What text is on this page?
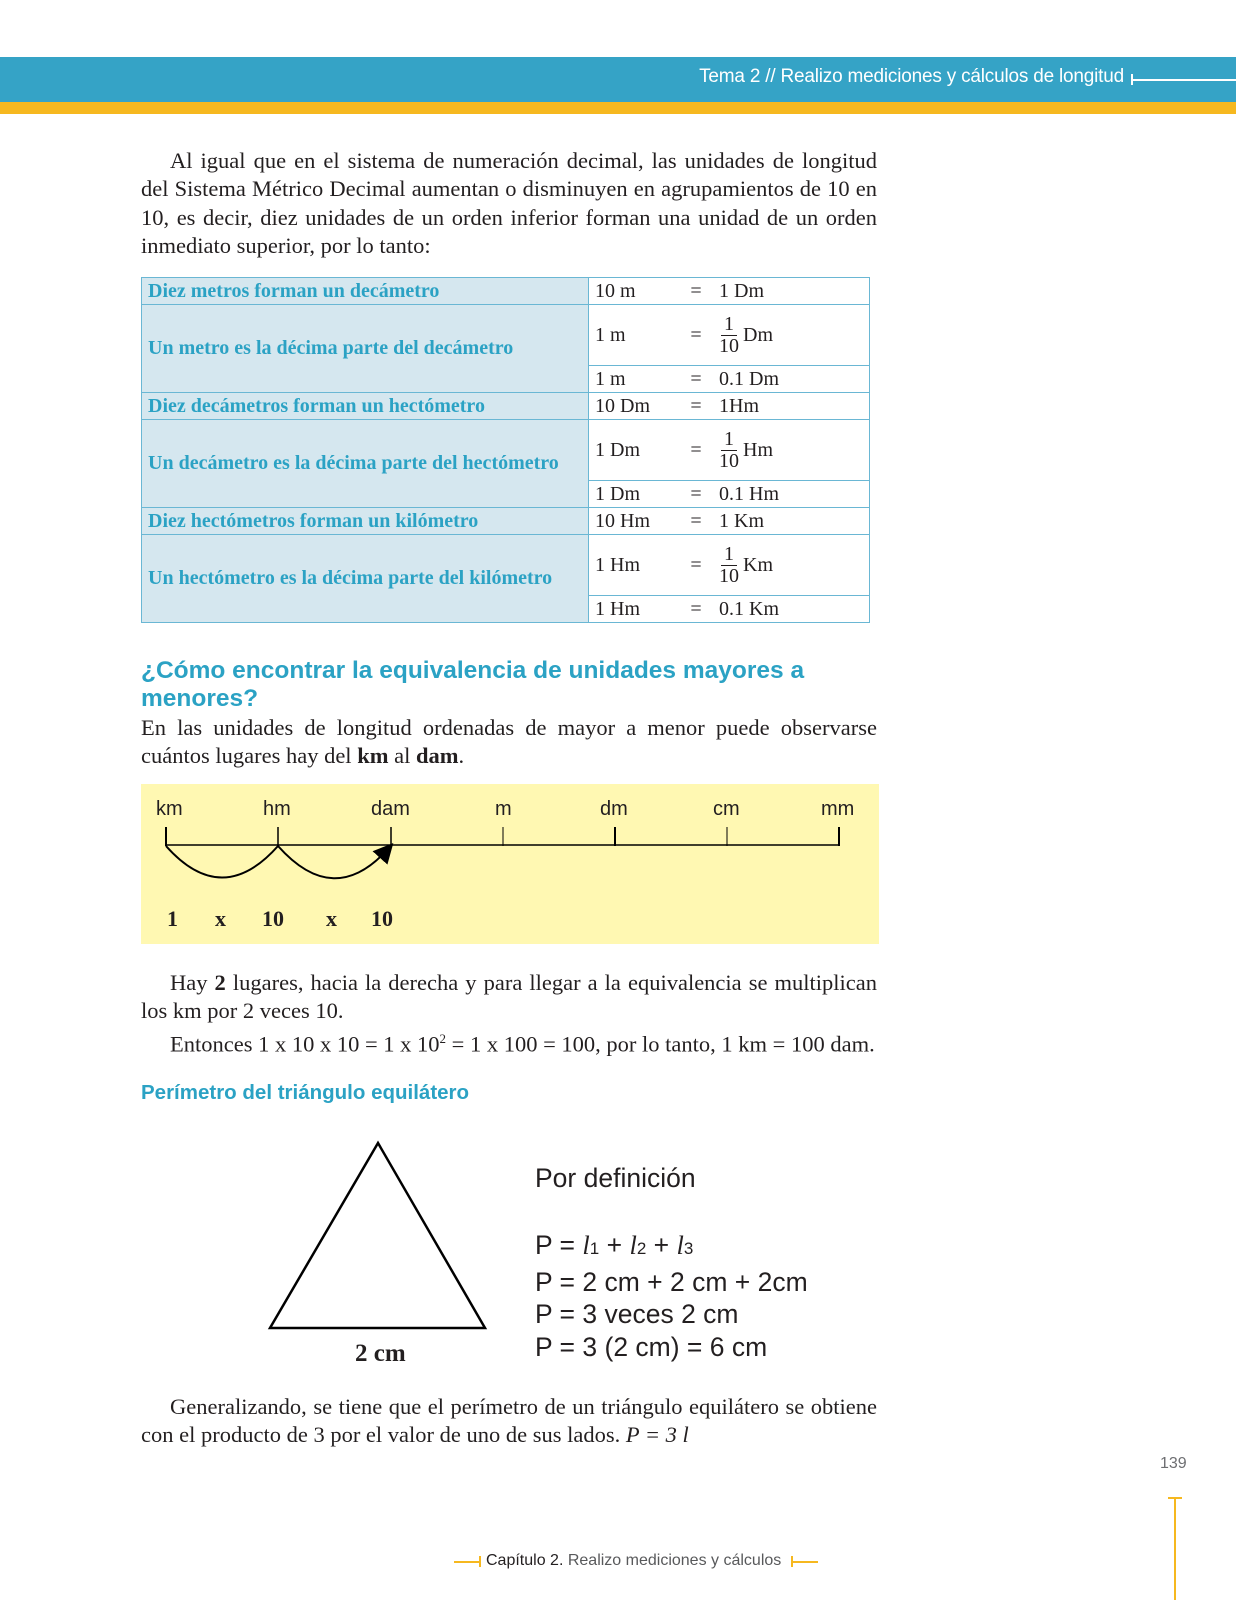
Tema 2 // Realizo mediciones y cálculos de longitud
Al igual que en el sistema de numeración decimal, las unidades de longitud del Sistema Métrico Decimal aumentan o disminuyen en agrupamientos de 10 en 10, es decir, diez unidades de un orden inferior forman una unidad de un orden inmediato superior, por lo tanto:
Diez metros forman un decámetro	10 m = 1 Dm

Un metro es la décima parte del decámetro	1 $m = \frac{1}{10}$ Dm

	1 m = 0.1 Dm

Diez decámetros forman un hectómetro	10 Dm = 1Hm

Un decámetro es la décima parte del hectómetro	1 $Dm = \frac{1}{10}$ Hm

	1 Dm = 0.1 Hm

Diez hectómetros forman un kilómetro	10 Hm = 1 Km

Un hectómetro es la décima parte del kilómetro	1 $Hm = \frac{1}{10}$ Km

	1 Hm = 0.1 Km
¿Cómo encontrar la equivalencia de unidades mayores a menores?
En las unidades de longitud ordenadas de mayor a menor puede observarse cuántos lugares hay del km al dam.
km	hm	dam	m	dm	cm	mm
1 x 10 x 10
Hay 2 lugares, hacia la derecha y para llegar a la equivalencia se multiplican los km por 2 veces 10.
Entonces 1 x 10 x 10 = 1 x $10^2 = 1$ x 100 = 100, por lo tanto, 1 km = 100 dam.
Perímetro del triángulo equilátero
2 cm
Por definición
P = l1 + l2 + l3
P = 2 cm + 2 cm + 2cm
P = 3 veces 2 cm
P = 3 (2 cm) = 6 cm
Generalizando, se tiene que el perímetro de un triángulo equilátero se obtiene con el producto de 3 por el valor de uno de sus lados. P = 3 l
139
Capítulo 2. Realizo mediciones y cálculos
